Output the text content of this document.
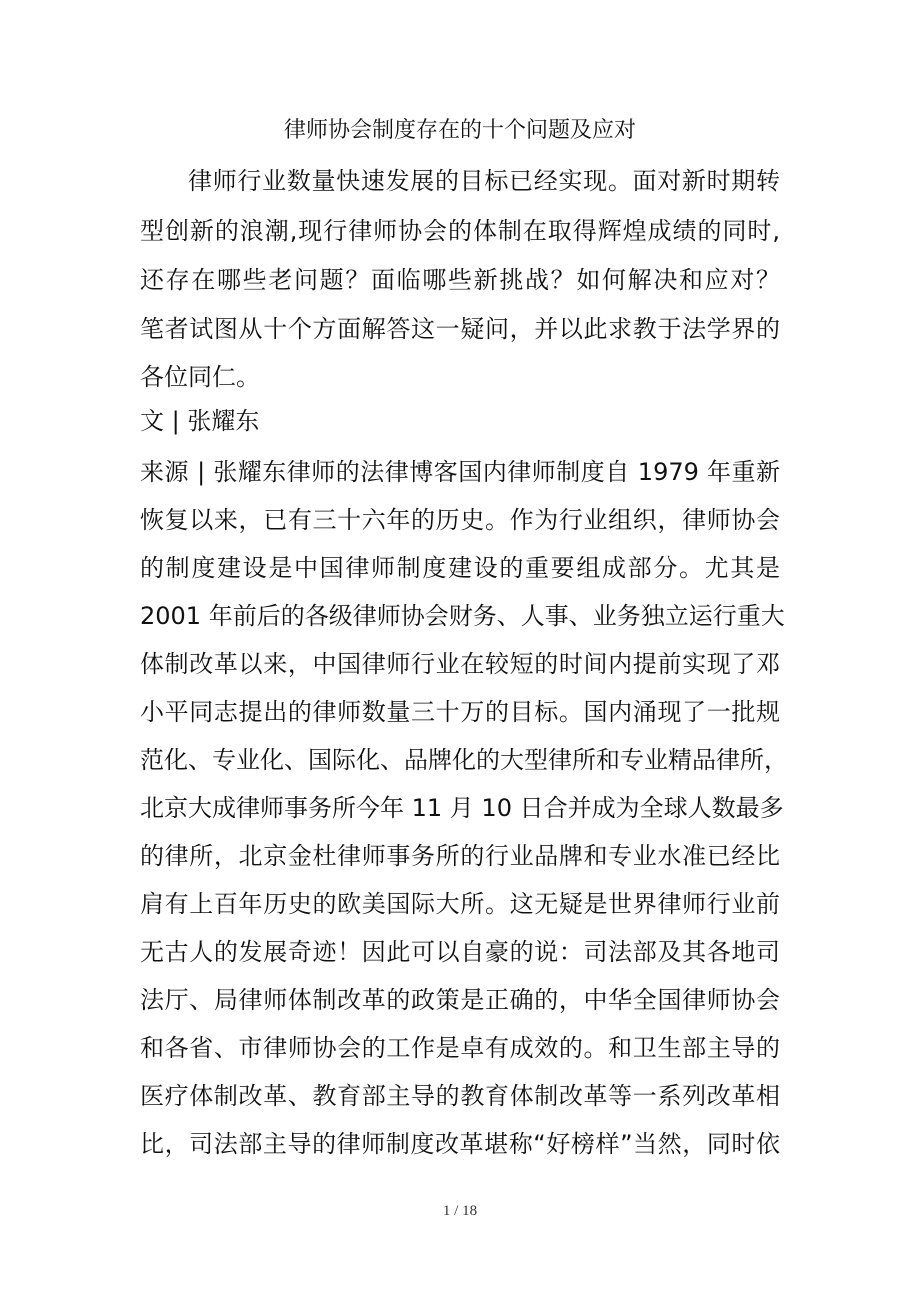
律师协会制度存在的十个问题及应对
律师行业数量快速发展的目标已经实现。面对新时期转
型创新的浪潮,现行律师协会的体制在取得辉煌成绩的同时,
还存在哪些老问题？面临哪些新挑战？如何解决和应对？
笔者试图从十个方面解答这一疑问，并以此求教于法学界的
各位同仁。
文 | 张耀东
来源 | 张耀东律师的法律博客国内律师制度自 1979 年重新
恢复以来，已有三十六年的历史。作为行业组织，律师协会
的制度建设是中国律师制度建设的重要组成部分。尤其是
2001 年前后的各级律师协会财务、人事、业务独立运行重大
体制改革以来，中国律师行业在较短的时间内提前实现了邓
小平同志提出的律师数量三十万的目标。国内涌现了一批规
范化、专业化、国际化、品牌化的大型律所和专业精品律所，
北京大成律师事务所今年 11 月 10 日合并成为全球人数最多
的律所，北京金杜律师事务所的行业品牌和专业水准已经比
肩有上百年历史的欧美国际大所。这无疑是世界律师行业前
无古人的发展奇迹！因此可以自豪的说：司法部及其各地司
法厅、局律师体制改革的政策是正确的，中华全国律师协会
和各省、市律师协会的工作是卓有成效的。和卫生部主导的
医疗体制改革、教育部主导的教育体制改革等一系列改革相
比，司法部主导的律师制度改革堪称“好榜样”当然，同时依
1 / 18
